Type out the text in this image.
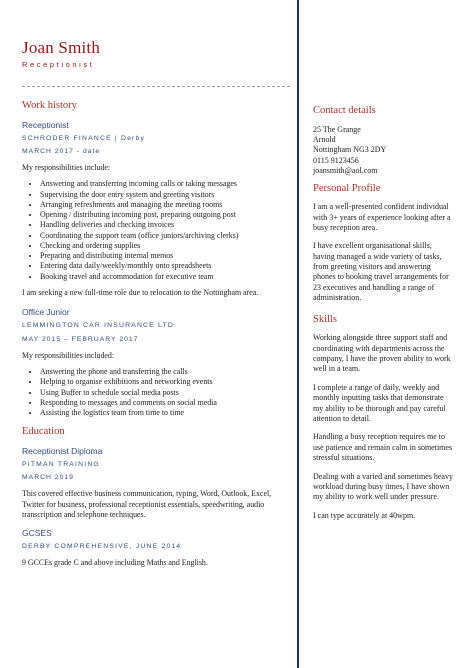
Joan Smith
Receptionist
Work history
Receptionist
SCHRODER FINANCE | Derby
MARCH 2017 - date

My responsibilities include:

• Answering and transferring incoming calls or taking messages
• Supervising the door entry system and greeting visitors
• Arranging refreshments and managing the meeting rooms
• Opening / distributing incoming post, preparing outgoing post
• Handling deliveries and checking invoices
• Coordinating the support team (office juniors/archiving clerks)
• Checking and ordering supplies
• Preparing and distributing internal memos
• Entering data daily/weekly/monthly onto spreadsheets
• Booking travel and accommodation for executive team

I am seeking a new full-time role due to relocation to the Nottingham area.

Office Junior
LEMMINGTON CAR INSURANCE LTD
MAY 2015 – FEBRUARY 2017

My responsibilities included:

• Answering the phone and transferring the calls
• Helping to organise exhibitions and networking events
• Using Buffer to schedule social media posts
• Responding to messages and comments on social media
• Assisting the logistics team from time to time
Education
Receptionist Diploma
PITMAN TRAINING
MARCH 2019

This covered effective business communication, typing, Word, Outlook, Excel, Twitter for business, professional receptionist essentials, speedwriting, audio transcription and telephone techniques.

GCSES
DERBY COMPREHENSIVE, JUNE 2014

9 GCCEs grade C and above including Maths and English.

Contact details

25 The Grange

Arnold

Nottingham NG3 2DY

0115 9123456

joansmith@aol.com

Personal Profile

I am a well-presented confident individual with 3+ years of experience looking after a busy reception area.

I have excellent organisational skills, having managed a wide variety of tasks, from greeting visitors and answering phones to booking travel arrangements for 23 executives and handling a range of administration.

Skills

Working alongside three support staff and coordinating with departments across the company, I have the proven ability to work well in a team.

I complete a range of daily, weekly and monthly inputting tasks that demonstrate my ability to be thorough and pay careful attention to detail.

Handling a busy reception requires me to use patience and remain calm in sometimes stressful situations.

Dealing with a varied and sometimes heavy workload during busy times, I have shown my ability to work well under pressure.

I can type accurately at 40wpm.
